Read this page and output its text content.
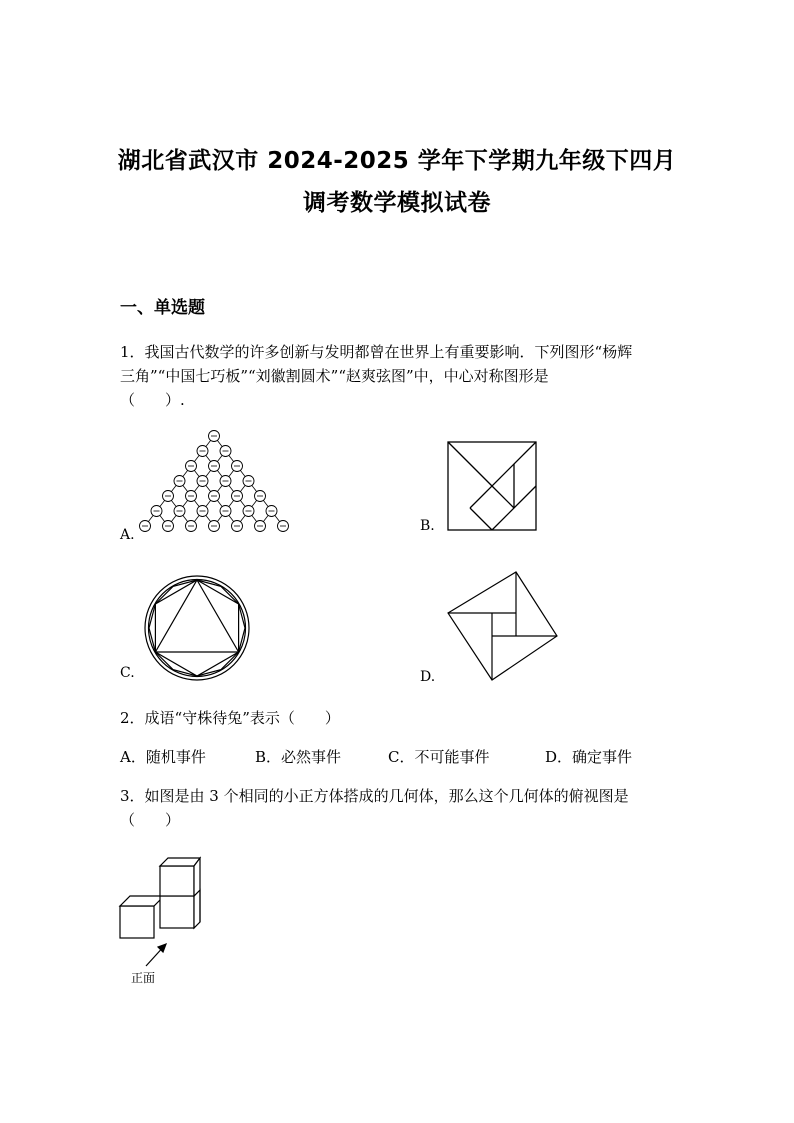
湖北省武汉市 2024-2025 学年下学期九年级下四月
调考数学模拟试卷
一、单选题
1．我国古代数学的许多创新与发明都曾在世界上有重要影响．下列图形“杨辉
三角”“中国七巧板”“刘徽割圆术”“赵爽弦图”中，中心对称图形是
（　　）.
A.
B.
C.	D.
2．成语“守株待兔”表示（　　）
A．随机事件	B．必然事件	C．不可能事件	D．确定事件
3．如图是由 3 个相同的小正方体搭成的几何体，那么这个几何体的俯视图是
（　　）
正面
